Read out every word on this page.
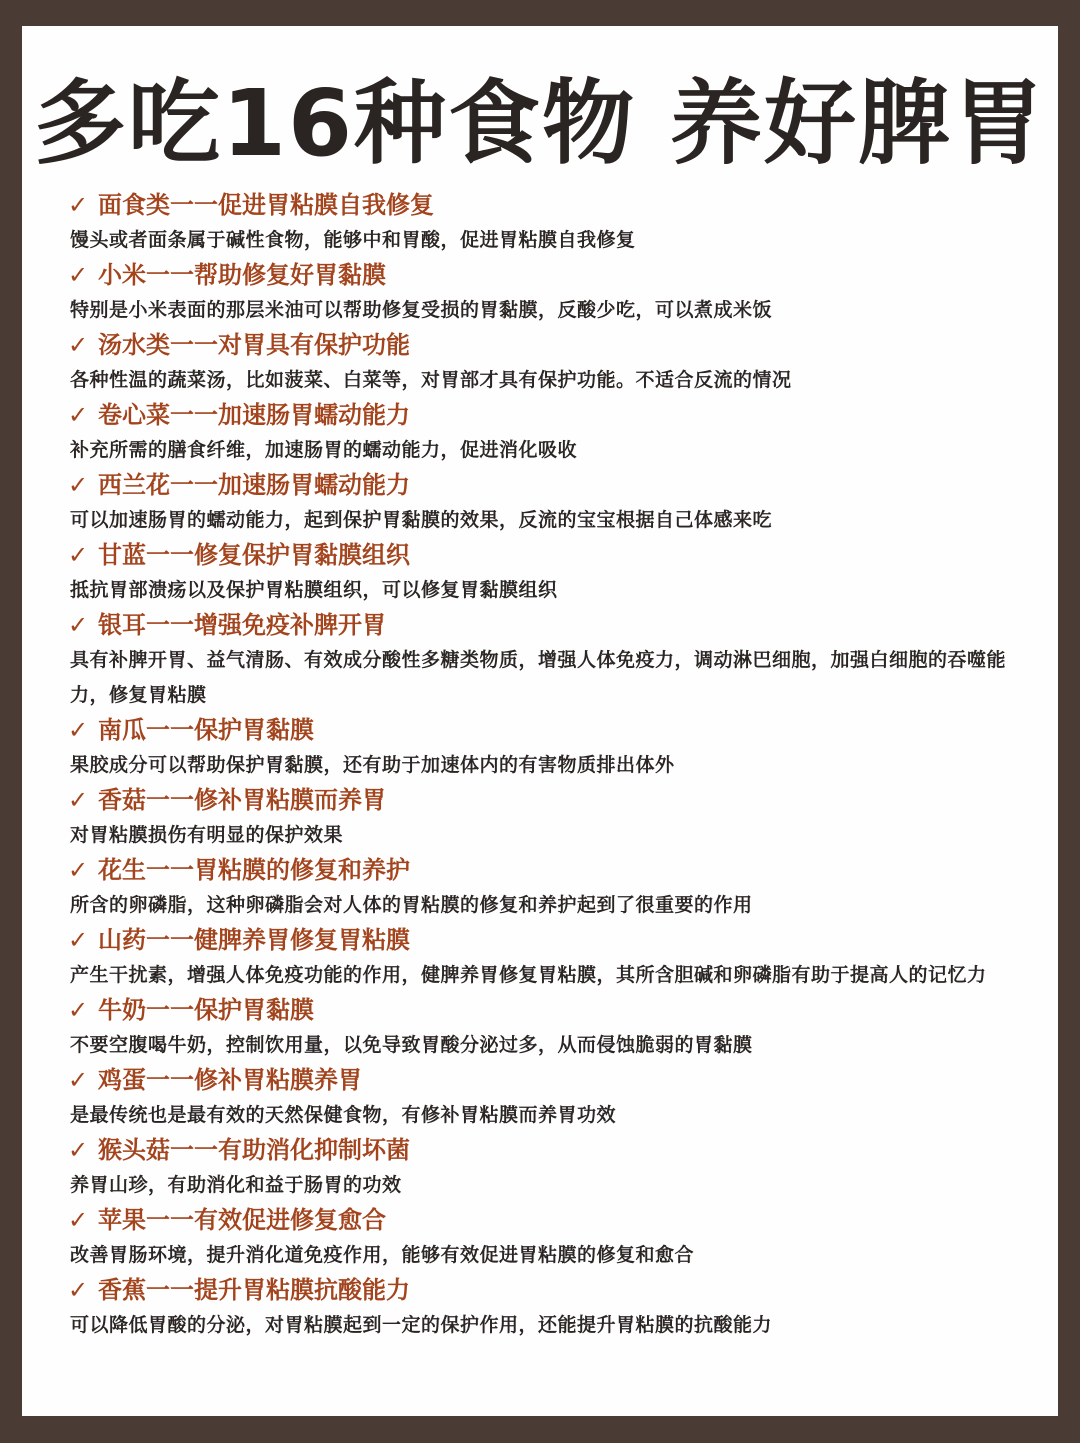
多吃16种食物 养好脾胃
✓ 面食类一一促进胃粘膜自我修复
馒头或者面条属于碱性食物，能够中和胃酸，促进胃粘膜自我修复
✓ 小米一一帮助修复好胃黏膜
特别是小米表面的那层米油可以帮助修复受损的胃黏膜，反酸少吃，可以煮成米饭
✓ 汤水类一一对胃具有保护功能
各种性温的蔬菜汤，比如菠菜、白菜等，对胃部才具有保护功能。不适合反流的情况
✓ 卷心菜一一加速肠胃蠕动能力
补充所需的膳食纤维，加速肠胃的蠕动能力，促进消化吸收
✓ 西兰花一一加速肠胃蠕动能力
可以加速肠胃的蠕动能力，起到保护胃黏膜的效果，反流的宝宝根据自己体感来吃
✓ 甘蓝一一修复保护胃黏膜组织
抵抗胃部溃疡以及保护胃粘膜组织，可以修复胃黏膜组织
✓ 银耳一一增强免疫补脾开胃
具有补脾开胃、益气清肠、有效成分酸性多糖类物质，增强人体免疫力，调动淋巴细胞，加强白细胞的吞噬能力，修复胃粘膜
✓ 南瓜一一保护胃黏膜
果胶成分可以帮助保护胃黏膜，还有助于加速体内的有害物质排出体外
✓ 香菇一一修补胃粘膜而养胃
对胃粘膜损伤有明显的保护效果
✓ 花生一一胃粘膜的修复和养护
所含的卵磷脂，这种卵磷脂会对人体的胃粘膜的修复和养护起到了很重要的作用
✓ 山药一一健脾养胃修复胃粘膜
产生干扰素，增强人体免疫功能的作用，健脾养胃修复胃粘膜，其所含胆碱和卵磷脂有助于提高人的记忆力
✓ 牛奶一一保护胃黏膜
不要空腹喝牛奶，控制饮用量，以免导致胃酸分泌过多，从而侵蚀脆弱的胃黏膜
✓ 鸡蛋一一修补胃粘膜养胃
是最传统也是最有效的天然保健食物，有修补胃粘膜而养胃功效
✓ 猴头菇一一有助消化抑制坏菌
养胃山珍，有助消化和益于肠胃的功效
✓ 苹果一一有效促进修复愈合
改善胃肠环境，提升消化道免疫作用，能够有效促进胃粘膜的修复和愈合
✓ 香蕉一一提升胃粘膜抗酸能力
可以降低胃酸的分泌，对胃粘膜起到一定的保护作用，还能提升胃粘膜的抗酸能力
